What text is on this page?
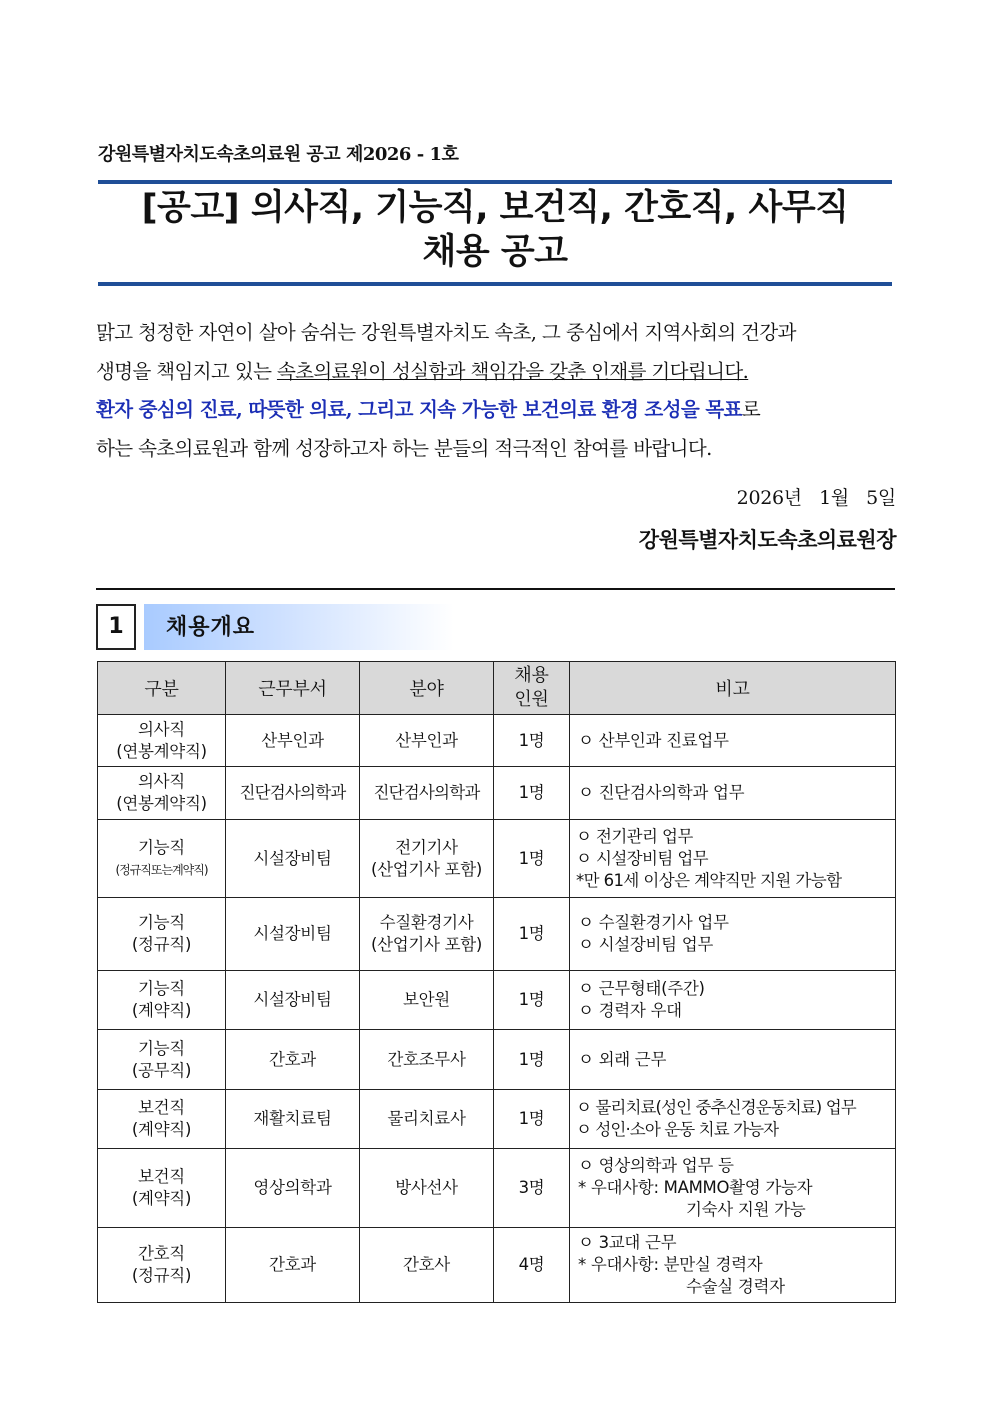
강원특별자치도속초의료원 공고 제2026 - 1호
[공고] 의사직, 기능직, 보건직, 간호직, 사무직
채용 공고

맑고 청정한 자연이 살아 숨쉬는 강원특별자치도 속초, 그 중심에서 지역사회의 건강과

생명을 책임지고 있는 속초의료원이 성실함과 책임감을 갖춘 인재를 기다립니다.

환자 중심의 진료, 따뜻한 의료, 그리고 지속 가능한 보건의료 환경 조성을 목표로

하는 속초의료원과 함께 성장하고자 하는 분들의 적극적인 참여를 바랍니다.

2026년   1월   5일
강원특별자치도속초의료원장
1	채용개요
구분	근무부서	분야	채용
인원	비고

의사직
(연봉계약직)	산부인과	산부인과	1명	ㅇ 산부인과 진료업무

의사직
(연봉계약직)	진단검사의학과	진단검사의학과	1명	ㅇ 진단검사의학과 업무

기능직
(정규직또는계약직)	시설장비팀	전기기사
(산업기사 포함)	1명	ㅇ 전기관리 업무
ㅇ 시설장비팀 업무
*만 61세 이상은 계약직만 지원 가능함

기능직
(정규직)	시설장비팀	수질환경기사
(산업기사 포함)	1명	ㅇ 수질환경기사 업무
ㅇ 시설장비팀 업무

기능직
(계약직)	시설장비팀	보안원	1명	ㅇ 근무형태(주간)
ㅇ 경력자 우대

기능직
(공무직)	간호과	간호조무사	1명	ㅇ 외래 근무

보건직
(계약직)	재활치료팀	물리치료사	1명	ㅇ 물리치료(성인 중추신경운동치료) 업무
ㅇ 성인·소아 운동 치료 가능자

보건직
(계약직)	영상의학과	방사선사	3명	ㅇ 영상의학과 업무 등
* 우대사항: MAMMO촬영 가능자
기숙사 지원 가능

간호직
(정규직)	간호과	간호사	4명	ㅇ 3교대 근무
* 우대사항: 분만실 경력자
수술실 경력자
